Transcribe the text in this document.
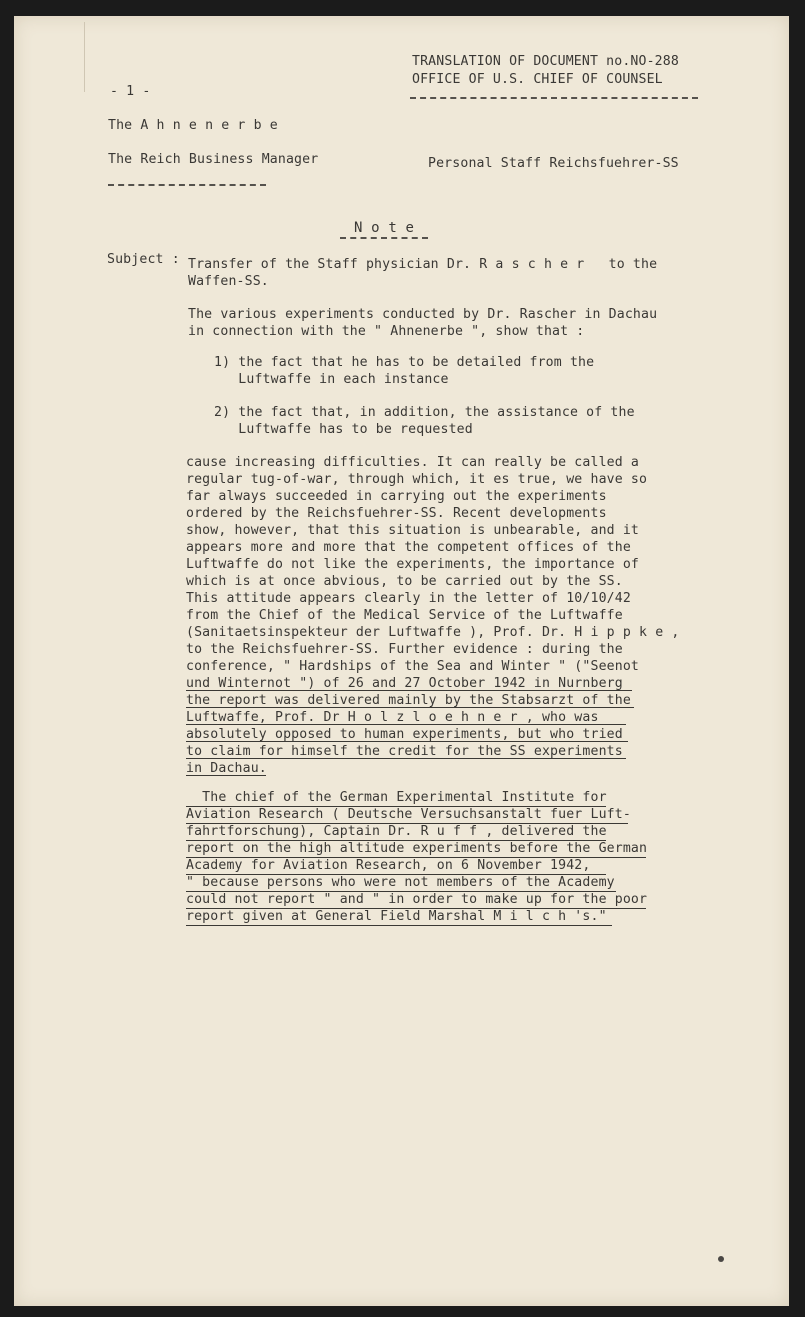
TRANSLATION OF DOCUMENT no.NO-288
OFFICE OF U.S. CHIEF OF COUNSEL
- 1 -
The A h n e n e r b e
The Reich Business Manager	Personal Staff Reichsfuehrer-SS
N o t e
Subject : Transfer of the Staff physician Dr. R a s c h e r   to the
Waffen-SS.
The various experiments conducted by Dr. Rascher in Dachau
in connection with the " Ahnenerbe ", show that :
1) the fact that he has to be detailed from the
Luftwaffe in each instance
2) the fact that, in addition, the assistance of the
Luftwaffe has to be requested
cause increasing difficulties. It can really be called a
regular tug-of-war, through which, it es true, we have so
far always succeeded in carrying out the experiments
ordered by the Reichsfuehrer-SS. Recent developments
show, however, that this situation is unbearable, and it
appears more and more that the competent offices of the
Luftwaffe do not like the experiments, the importance of
which is at once abvious, to be carried out by the SS.
This attitude appears clearly in the letter of 10/10/42
from the Chief of the Medical Service of the Luftwaffe
(Sanitaetsinspekteur der Luftwaffe ), Prof. Dr. H i p p k e ,
to the Reichsfuehrer-SS. Further evidence : during the
conference, " Hardships of the Sea and Winter " ("Seenot
und Winternot ") of 26 and 27 October 1942 in Nurnberg
the report was delivered mainly by the Stabsarzt of the
Luftwaffe, Prof. Dr H o l z l o e h n e r , who was
absolutely opposed to human experiments, but who tried
to claim for himself the credit for the SS experiments
in Dachau.
The chief of the German Experimental Institute for
Aviation Research ( Deutsche Versuchsanstalt fuer Luft-
fahrtforschung), Captain Dr. R u f f , delivered the
report on the high altitude experiments before the German
Academy for Aviation Research, on 6 November 1942,
" because persons who were not members of the Academy
could not report " and " in order to make up for the poor
report given at General Field Marshal M i l c h 's."
